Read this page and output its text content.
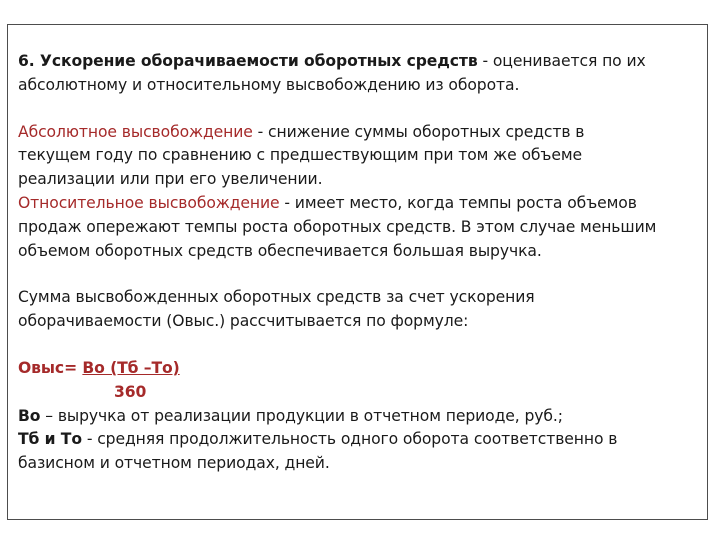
6. Ускорение оборачиваемости оборотных средств - оценивается по их
абсолютному и относительному высвобождению из оборота.
Абсолютное высвобождение - снижение суммы оборотных средств в
текущем году по сравнению с предшествующим при том же объеме
реализации или при его увеличении.
Относительное высвобождение - имеет место, когда темпы роста объемов
продаж опережают темпы роста оборотных средств. В этом случае меньшим
объемом оборотных средств обеспечивается большая выручка.
Сумма высвобожденных оборотных средств за счет ускорения
оборачиваемости (Овыс.) рассчитывается по формуле:
Овыс= Во (Тб –То)
360
Во – выручка от реализации продукции в отчетном периоде, руб.;
Тб и То - средняя продолжительность одного оборота соответственно в
базисном и отчетном периодах, дней.
